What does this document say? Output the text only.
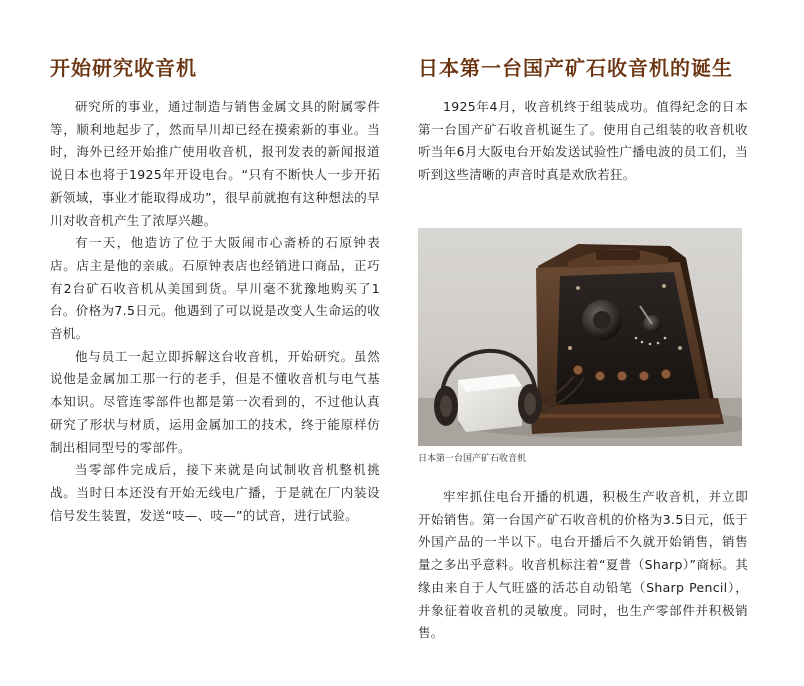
开始研究收音机

研究所的事业，通过制造与销售金属文具的附属零件等，顺利地起步了，然而早川却已经在摸索新的事业。当时，海外已经开始推广使用收音机，报刊发表的新闻报道说日本也将于1925年开设电台。“只有不断快人一步开拓新领域，事业才能取得成功”，很早前就抱有这种想法的早川对收音机产生了浓厚兴趣。

有一天，他造访了位于大阪闹市心斋桥的石原钟表店。店主是他的亲戚。石原钟表店也经销进口商品，正巧有2台矿石收音机从美国到货。早川毫不犹豫地购买了1台。价格为7.5日元。他遇到了可以说是改变人生命运的收音机。

他与员工一起立即拆解这台收音机，开始研究。虽然说他是金属加工那一行的老手，但是不懂收音机与电气基本知识。尽管连零部件也都是第一次看到的，不过他认真研究了形状与材质，运用金属加工的技术，终于能原样仿制出相同型号的零部件。

当零部件完成后，接下来就是向试制收音机整机挑战。当时日本还没有开始无线电广播，于是就在厂内装设信号发生装置，发送“吱—、吱—”的试音，进行试验。

日本第一台国产矿石收音机的诞生

1925年4月，收音机终于组装成功。值得纪念的日本第一台国产矿石收音机诞生了。使用自己组装的收音机收听当年6月大阪电台开始发送试验性广播电波的员工们，当听到这些清晰的声音时真是欢欣若狂。

日本第一台国产矿石收音机

牢牢抓住电台开播的机遇，积极生产收音机，并立即开始销售。第一台国产矿石收音机的价格为3.5日元，低于外国产品的一半以下。电台开播后不久就开始销售，销售量之多出乎意料。收音机标注着“夏普（Sharp）”商标。其缘由来自于人气旺盛的活芯自动铅笔（Sharp Pencil），并象征着收音机的灵敏度。同时，也生产零部件并积极销售。
